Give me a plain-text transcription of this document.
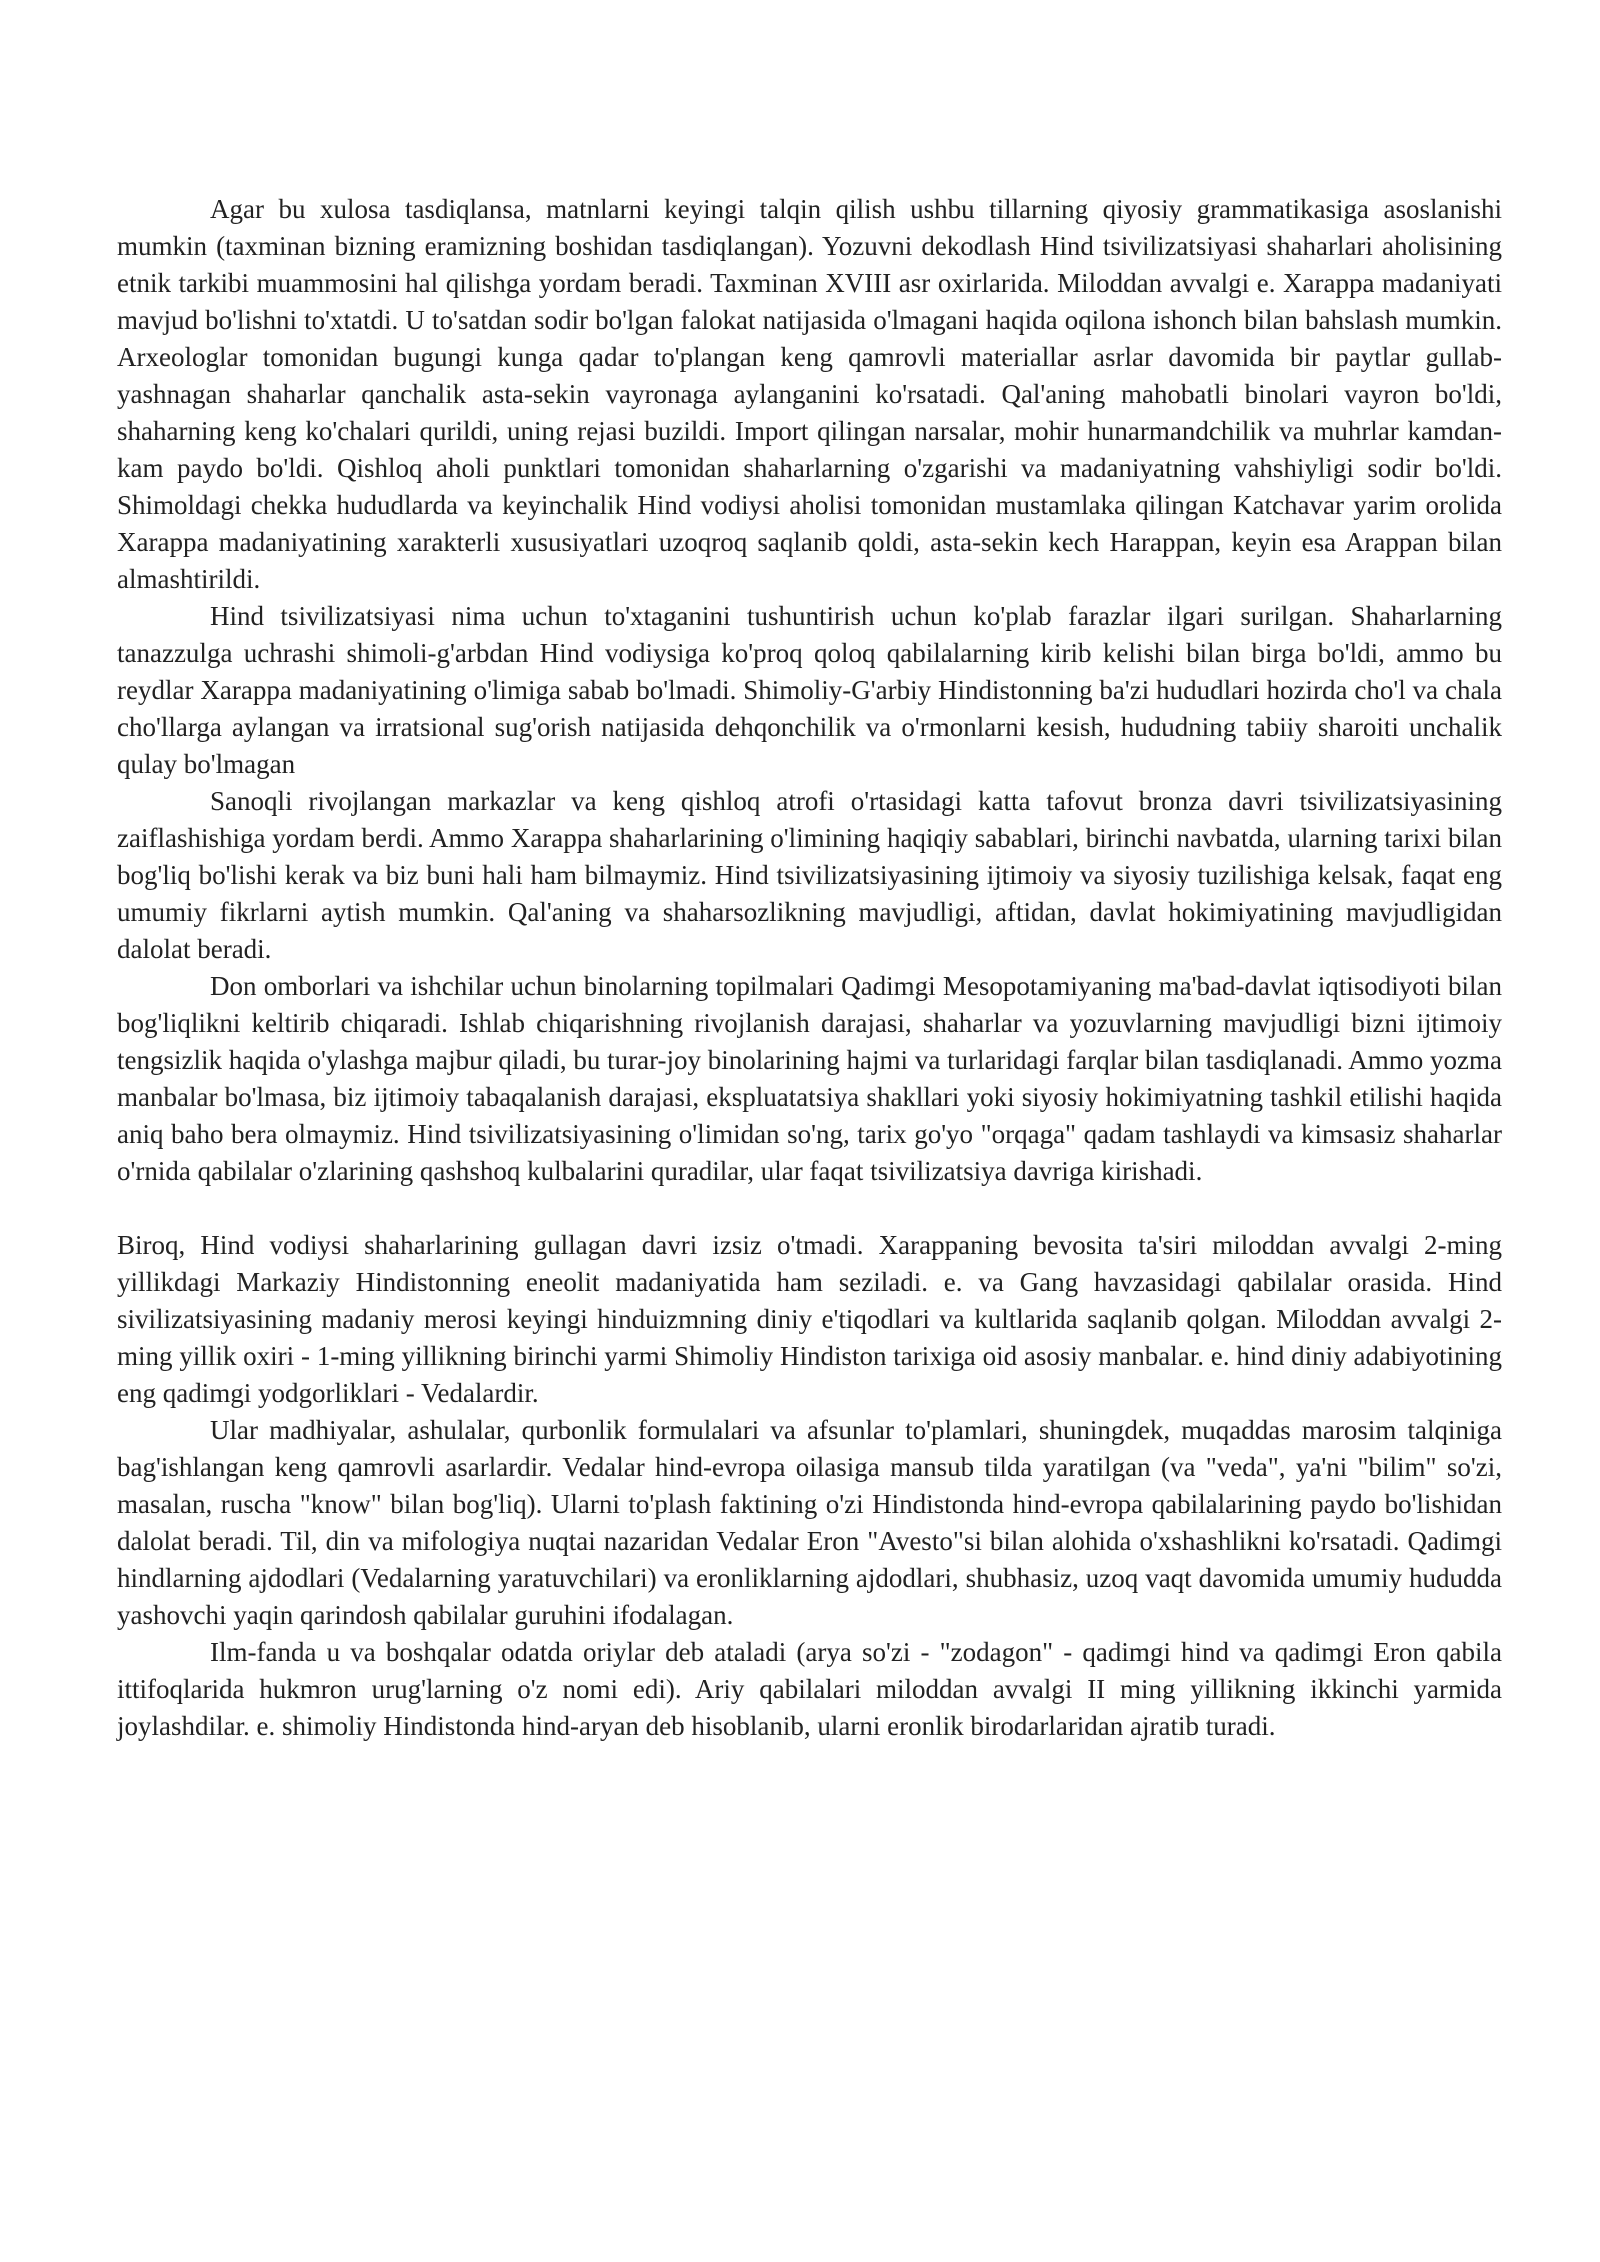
Agar bu xulosa tasdiqlansa, matnlarni keyingi talqin qilish ushbu tillarning qiyosiy grammatikasiga asoslanishi mumkin (taxminan bizning eramizning boshidan tasdiqlangan). Yozuvni dekodlash Hind tsivilizatsiyasi shaharlari aholisining etnik tarkibi muammosini hal qilishga yordam beradi. Taxminan XVIII asr oxirlarida. Miloddan avvalgi e. Xarappa madaniyati mavjud bo'lishni to'xtatdi. U to'satdan sodir bo'lgan falokat natijasida o'lmagani haqida oqilona ishonch bilan bahslash mumkin. Arxeologlar tomonidan bugungi kunga qadar to'plangan keng qamrovli materiallar asrlar davomida bir paytlar gullab-yashnagan shaharlar qanchalik asta-sekin vayronaga aylanganini ko'rsatadi. Qal'aning mahobatli binolari vayron bo'ldi, shaharning keng ko'chalari qurildi, uning rejasi buzildi. Import qilingan narsalar, mohir hunarmandchilik va muhrlar kamdan-kam paydo bo'ldi. Qishloq aholi punktlari tomonidan shaharlarning o'zgarishi va madaniyatning vahshiyligi sodir bo'ldi. Shimoldagi chekka hududlarda va keyinchalik Hind vodiysi aholisi tomonidan mustamlaka qilingan Katchavar yarim orolida Xarappa madaniyatining xarakterli xususiyatlari uzoqroq saqlanib qoldi, asta-sekin kech Harappan, keyin esa Arappan bilan almashtirildi.

Hind tsivilizatsiyasi nima uchun to'xtaganini tushuntirish uchun ko'plab farazlar ilgari surilgan. Shaharlarning tanazzulga uchrashi shimoli-g'arbdan Hind vodiysiga ko'proq qoloq qabilalarning kirib kelishi bilan birga bo'ldi, ammo bu reydlar Xarappa madaniyatining o'limiga sabab bo'lmadi. Shimoliy-G'arbiy Hindistonning ba'zi hududlari hozirda cho'l va chala cho'llarga aylangan va irratsional sug'orish natijasida dehqonchilik va o'rmonlarni kesish, hududning tabiiy sharoiti unchalik qulay bo'lmagan

Sanoqli rivojlangan markazlar va keng qishloq atrofi o'rtasidagi katta tafovut bronza davri tsivilizatsiyasining zaiflashishiga yordam berdi. Ammo Xarappa shaharlarining o'limining haqiqiy sabablari, birinchi navbatda, ularning tarixi bilan bog'liq bo'lishi kerak va biz buni hali ham bilmaymiz. Hind tsivilizatsiyasining ijtimoiy va siyosiy tuzilishiga kelsak, faqat eng umumiy fikrlarni aytish mumkin. Qal'aning va shaharsozlikning mavjudligi, aftidan, davlat hokimiyatining mavjudligidan dalolat beradi.

Don omborlari va ishchilar uchun binolarning topilmalari Qadimgi Mesopotamiyaning ma'bad-davlat iqtisodiyoti bilan bog'liqlikni keltirib chiqaradi. Ishlab chiqarishning rivojlanish darajasi, shaharlar va yozuvlarning mavjudligi bizni ijtimoiy tengsizlik haqida o'ylashga majbur qiladi, bu turar-joy binolarining hajmi va turlaridagi farqlar bilan tasdiqlanadi. Ammo yozma manbalar bo'lmasa, biz ijtimoiy tabaqalanish darajasi, ekspluatatsiya shakllari yoki siyosiy hokimiyatning tashkil etilishi haqida aniq baho bera olmaymiz. Hind tsivilizatsiyasining o'limidan so'ng, tarix go'yo "orqaga" qadam tashlaydi va kimsasiz shaharlar o'rnida qabilalar o'zlarining qashshoq kulbalarini quradilar, ular faqat tsivilizatsiya davriga kirishadi.

Biroq, Hind vodiysi shaharlarining gullagan davri izsiz o'tmadi. Xarappaning bevosita ta'siri miloddan avvalgi 2-ming yillikdagi Markaziy Hindistonning eneolit madaniyatida ham seziladi. e. va Gang havzasidagi qabilalar orasida. Hind sivilizatsiyasining madaniy merosi keyingi hinduizmning diniy e'tiqodlari va kultlarida saqlanib qolgan. Miloddan avvalgi 2-ming yillik oxiri - 1-ming yillikning birinchi yarmi Shimoliy Hindiston tarixiga oid asosiy manbalar. e. hind diniy adabiyotining eng qadimgi yodgorliklari - Vedalardir.

Ular madhiyalar, ashulalar, qurbonlik formulalari va afsunlar to'plamlari, shuningdek, muqaddas marosim talqiniga bag'ishlangan keng qamrovli asarlardir. Vedalar hind-evropa oilasiga mansub tilda yaratilgan (va "veda", ya'ni "bilim" so'zi, masalan, ruscha "know" bilan bog'liq). Ularni to'plash faktining o'zi Hindistonda hind-evropa qabilalarining paydo bo'lishidan dalolat beradi. Til, din va mifologiya nuqtai nazaridan Vedalar Eron "Avesto"si bilan alohida o'xshashlikni ko'rsatadi. Qadimgi hindlarning ajdodlari (Vedalarning yaratuvchilari) va eronliklarning ajdodlari, shubhasiz, uzoq vaqt davomida umumiy hududda yashovchi yaqin qarindosh qabilalar guruhini ifodalagan.

Ilm-fanda u va boshqalar odatda oriylar deb ataladi (arya so'zi - "zodagon" - qadimgi hind va qadimgi Eron qabila ittifoqlarida hukmron urug'larning o'z nomi edi). Ariy qabilalari miloddan avvalgi II ming yillikning ikkinchi yarmida joylashdilar. e. shimoliy Hindistonda hind-aryan deb hisoblanib, ularni eronlik birodarlaridan ajratib turadi.
